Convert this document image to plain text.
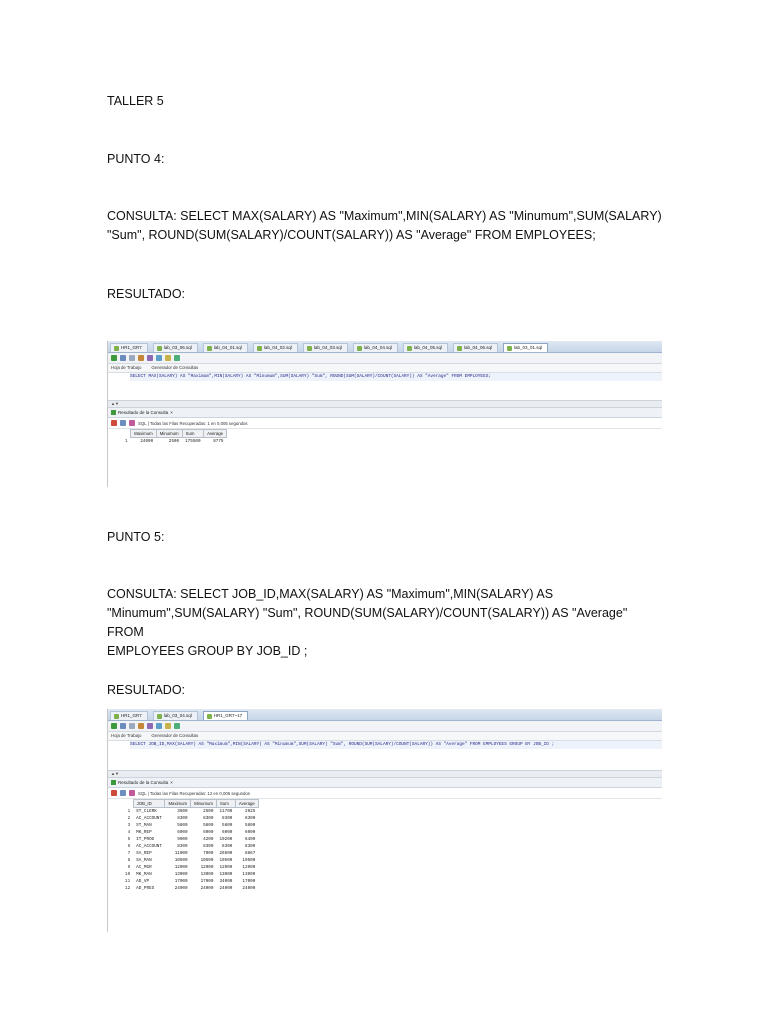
TALLER 5

PUNTO 4:

CONSULTA: SELECT MAX(SALARY) AS "Maximum",MIN(SALARY) AS "Minumum",SUM(SALARY)
"Sum", ROUND(SUM(SALARY)/COUNT(SALARY)) AS "Average" FROM EMPLOYEES;

RESULTADO:

HR1_GR7	lab_03_06.sql	lab_04_01.sql	lab_04_02.sql	lab_04_03.sql	lab_04_04.sql	lab_04_05.sql	lab_04_06.sql	lab_03_01.sql
Hoja de Trabajo Generador de Consultas
SELECT MAX(SALARY) AS "Maximum",MIN(SALARY) AS "Minumum",SUM(SALARY) "Sum", ROUND(SUM(SALARY)/COUNT(SALARY)) AS "Average" FROM EMPLOYEES;
▲▼
Resultado de la Consulta ×
SQL | Todas las Filas Recuperadas: 1 en 0,005 segundos
	Maximum	Minumum	Sum	Average
1	24000	2500	175500	8775

PUNTO 5:

CONSULTA: SELECT JOB_ID,MAX(SALARY) AS "Maximum",MIN(SALARY) AS
"Minumum",SUM(SALARY) "Sum", ROUND(SUM(SALARY)/COUNT(SALARY)) AS "Average" FROM
EMPLOYEES GROUP BY JOB_ID ;

RESULTADO:

HR1_GR7	lab_03_04.sql	HR1_GR7~17
Hoja de Trabajo Generador de Consultas
SELECT JOB_ID,MAX(SALARY) AS "Maximum",MIN(SALARY) AS "Minumum",SUM(SALARY) "Sum", ROUND(SUM(SALARY)/COUNT(SALARY)) AS "Average" FROM EMPLOYEES GROUP BY JOB_ID ;
▲▼
Resultado de la Consulta ×
SQL | Todas las Filas Recuperadas: 12 en 0,006 segundos
	JOB_ID	Maximum	Minumum	Sum	Average
1	ST_CLERK	3600	2500	11700	2925
2	AC_ACCOUNT	8300	8300	8300	8300
3	ST_MAN	5800	5800	5800	5800
4	MK_REP	6000	6000	6000	6000
5	IT_PROG	9000	4200	19200	6400
6	AC_ACCOUNT	8300	8300	8300	8300
7	SA_REP	11000	7000	26600	8867
8	SA_MAN	10500	10500	10500	10500
9	AC_MGR	12000	12000	12000	12000
10	MK_MAN	13000	13000	13000	13000
11	AD_VP	17000	17000	34000	17000
12	AD_PRES	24000	24000	24000	24000
